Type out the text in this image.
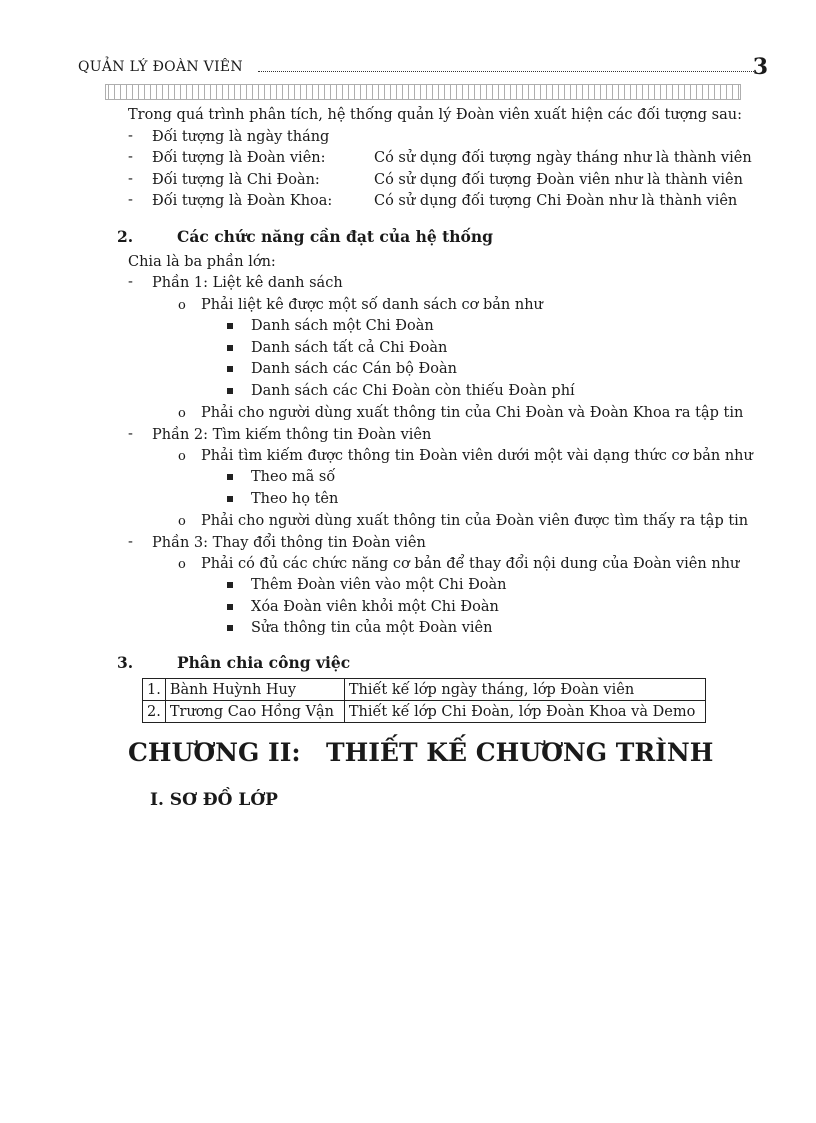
QUẢN LÝ ĐOÀN VIÊN	3
Trong quá trình phân tích, hệ thống quản lý Đoàn viên xuất hiện các đối tượng sau:
- Đối tượng là ngày tháng
- Đối tượng là Đoàn viên:	Có sử dụng đối tượng ngày tháng như là thành viên
- Đối tượng là Chi Đoàn:	Có sử dụng đối tượng Đoàn viên như là thành viên
- Đối tượng là Đoàn Khoa:	Có sử dụng đối tượng Chi Đoàn như là thành viên
2.	Các chức năng cần đạt của hệ thống
Chia là ba phần lớn:
- Phần 1: Liệt kê danh sách
o Phải liệt kê được một số danh sách cơ bản như
Danh sách một Chi Đoàn
Danh sách tất cả Chi Đoàn
Danh sách các Cán bộ Đoàn
Danh sách các Chi Đoàn còn thiếu Đoàn phí
o Phải cho người dùng xuất thông tin của Chi Đoàn và Đoàn Khoa ra tập tin
- Phần 2: Tìm kiếm thông tin Đoàn viên
o Phải tìm kiếm được thông tin Đoàn viên dưới một vài dạng thức cơ bản như
Theo mã số
Theo họ tên
o Phải cho người dùng xuất thông tin của Đoàn viên được tìm thấy ra tập tin
- Phần 3: Thay đổi thông tin Đoàn viên
o Phải có đủ các chức năng cơ bản để thay đổi nội dung của Đoàn viên như
Thêm Đoàn viên vào một Chi Đoàn
Xóa Đoàn viên khỏi một Chi Đoàn
Sửa thông tin của một Đoàn viên
3.	Phân chia công việc
1.	Bành Huỳnh Huy	Thiết kế lớp ngày tháng, lớp Đoàn viên
2.	Trương Cao Hồng Vận	Thiết kế lớp Chi Đoàn, lớp Đoàn Khoa và Demo
CHƯƠNG II: THIẾT KẾ CHƯƠNG TRÌNH
I. SƠ ĐỒ LỚP
